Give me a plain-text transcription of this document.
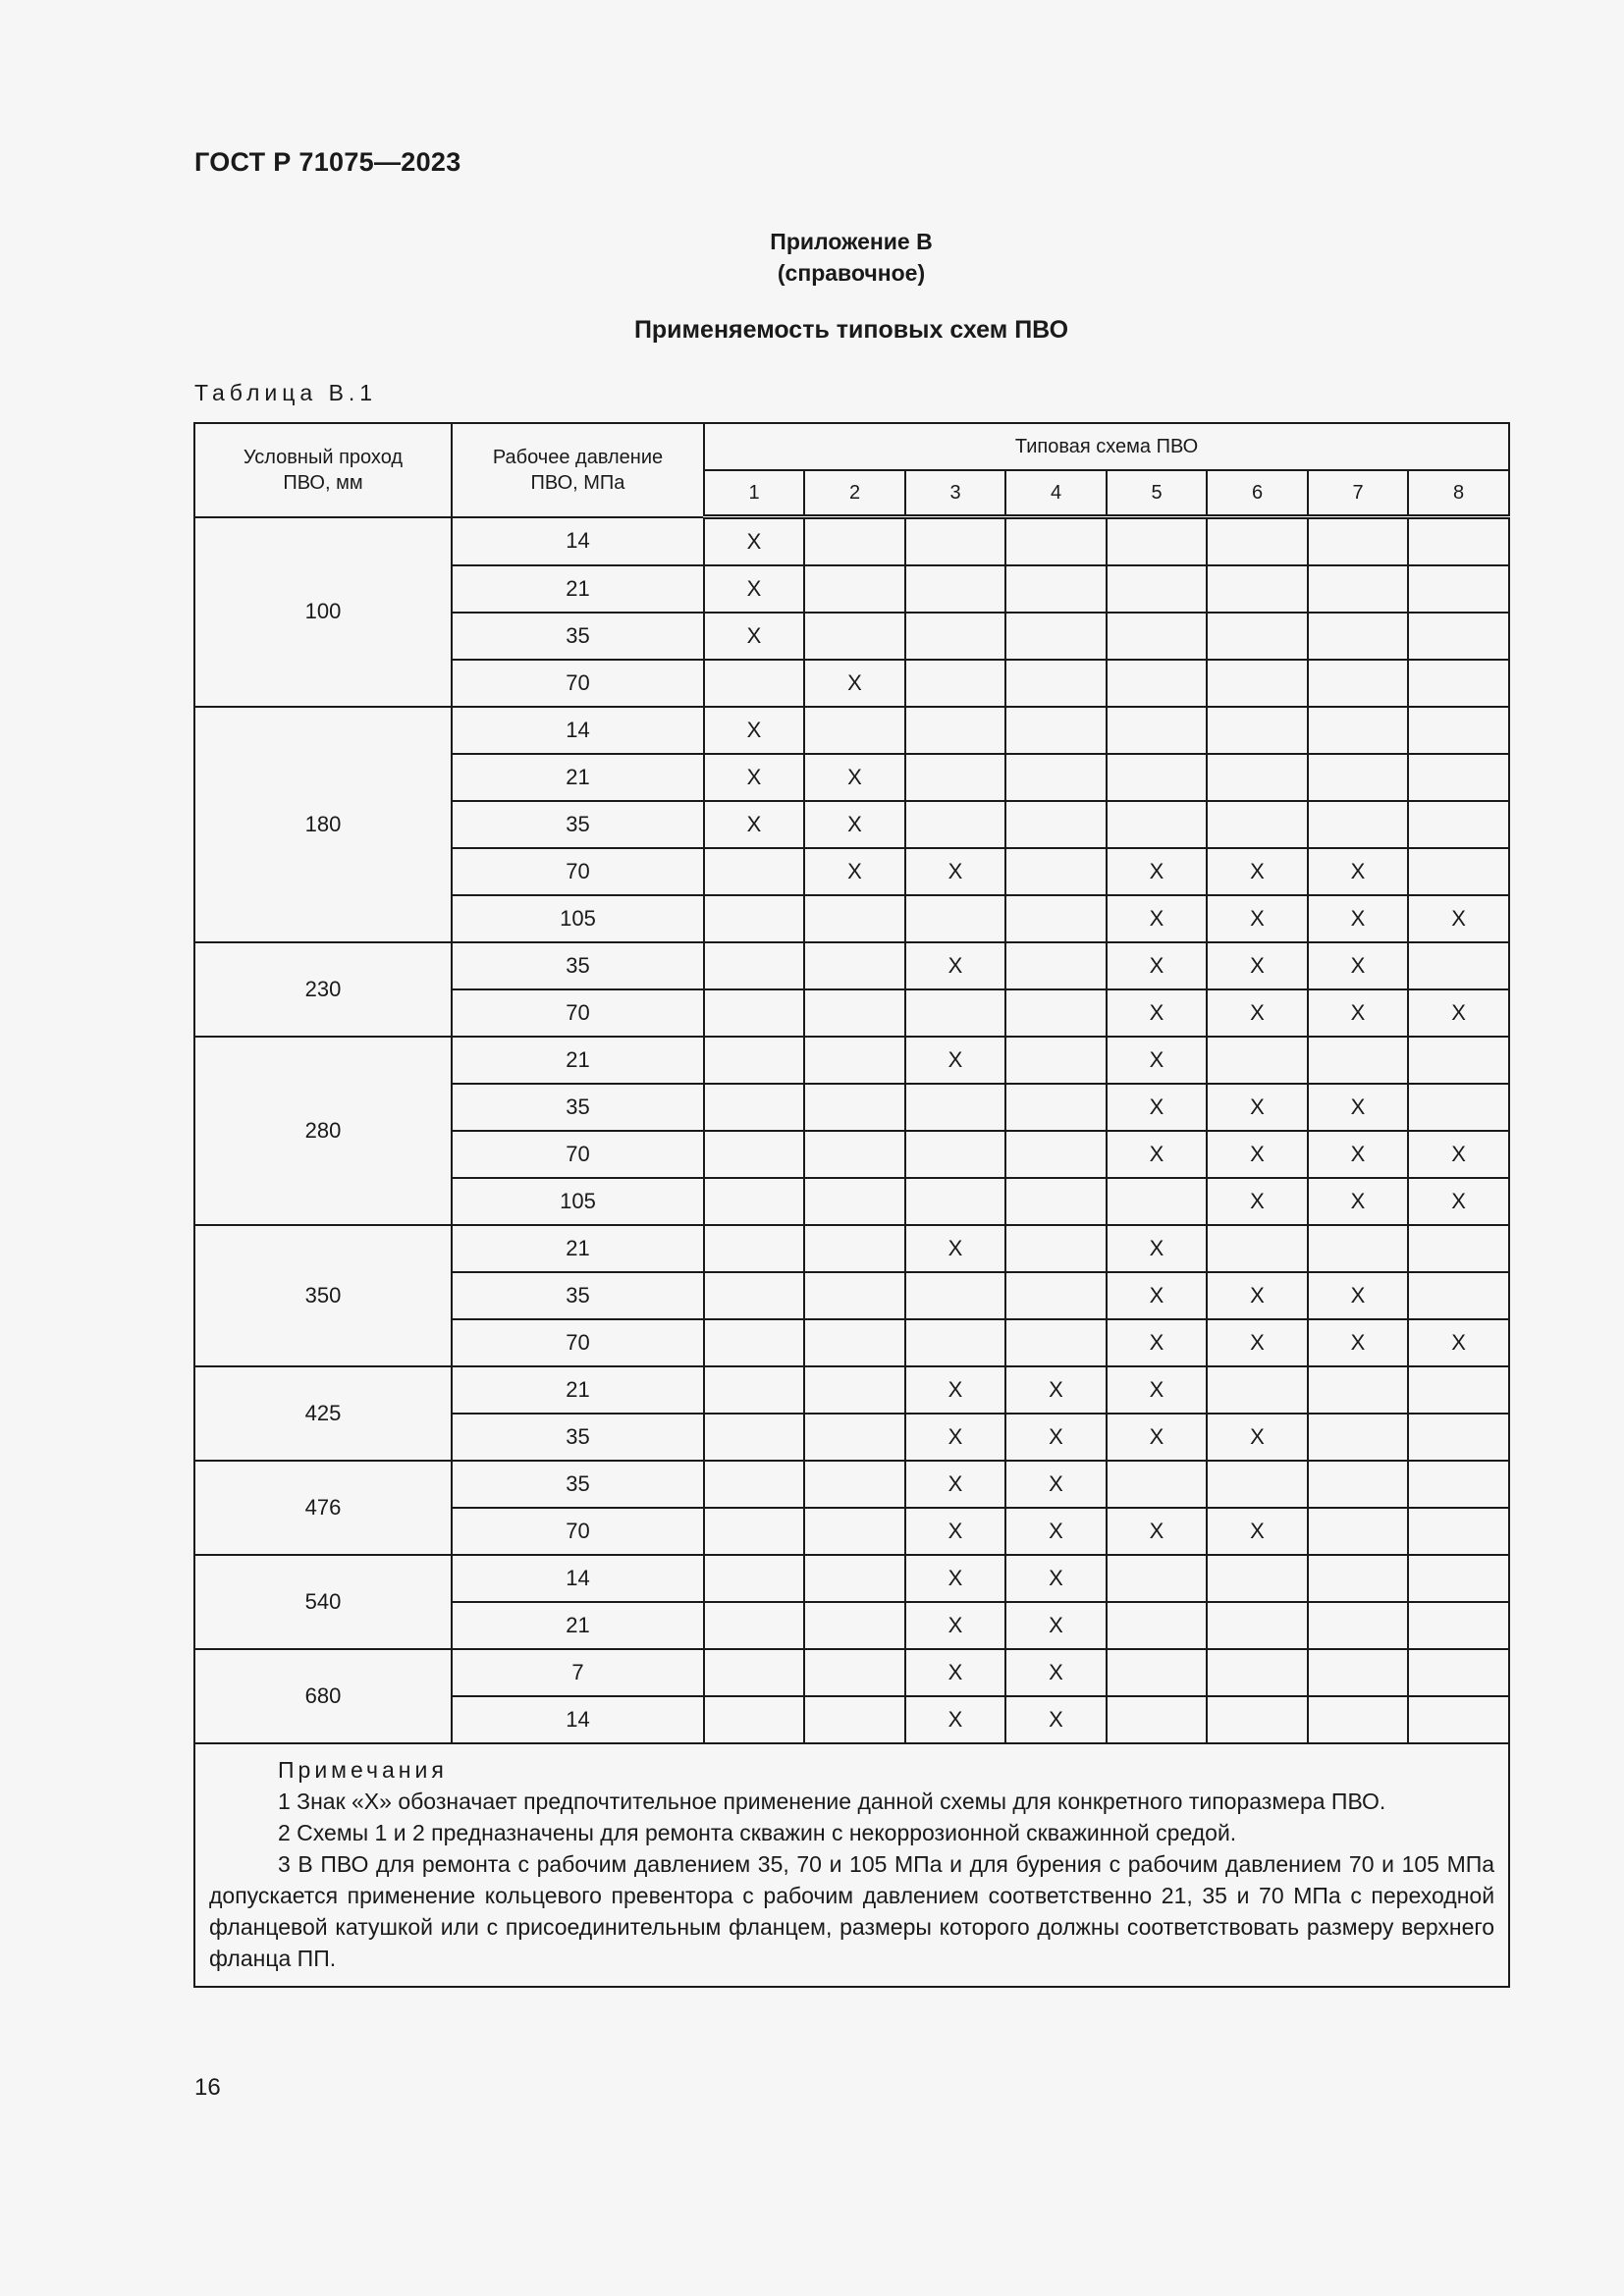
ГОСТ Р 71075—2023
Приложение В
(справочное)
Применяемость типовых схем ПВО
Таблица В.1
Условный проход ПВО, мм	Рабочее давление ПВО, МПа	Типовая схема ПВО							
		1	2	3	4	5	6	7	8
100	14	X							
	21	X							
	35	X							
	70		X						
180	14	X							
	21	X	X						
	35	X	X						
	70		X	X		X	X	X	
	105					X	X	X	X
230	35			X		X	X	X	
	70					X	X	X	X
280	21			X		X			
	35					X	X	X	
	70					X	X	X	X
	105						X	X	X
350	21			X		X			
	35					X	X	X	
	70					X	X	X	X
425	21			X	X	X			
	35			X	X	X	X		
476	35			X	X				
	70			X	X	X	X		
540	14			X	X				
	21			X	X				
680	7			X	X				
	14			X	X				

Примечания
1 Знак «Х» обозначает предпочтительное применение данной схемы для конкретного типоразмера ПВО.
2 Схемы 1 и 2 предназначены для ремонта скважин с некоррозионной скважинной средой.
3 В ПВО для ремонта с рабочим давлением 35, 70 и 105 МПа и для бурения с рабочим давлением 70 и 105 МПа допускается применение кольцевого превентора с рабочим давлением соответственно 21, 35 и 70 МПа с переходной фланцевой катушкой или с присоединительным фланцем, размеры которого должны соответствовать размеру верхнего фланца ПП.									
16
